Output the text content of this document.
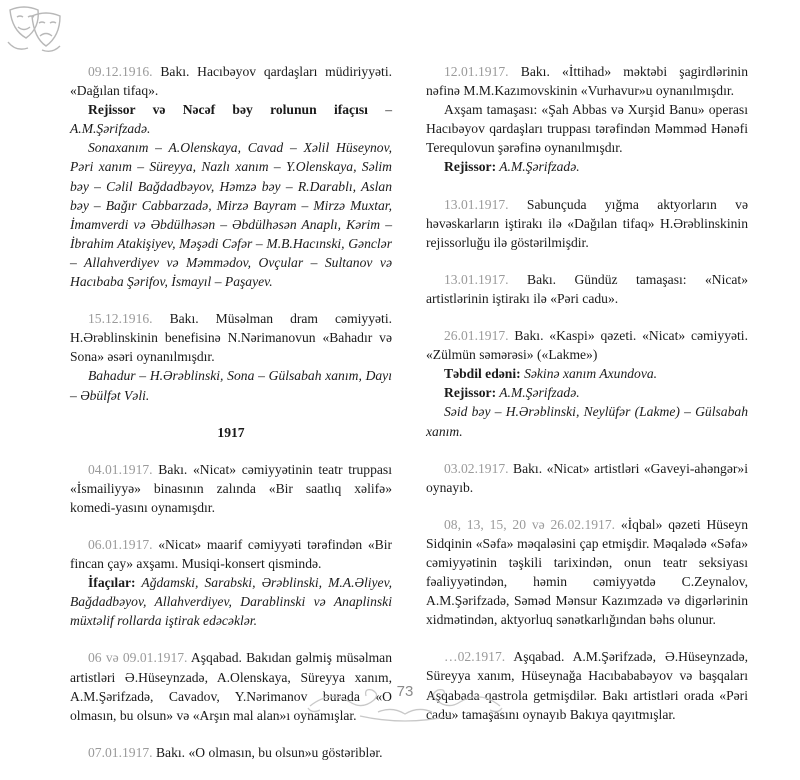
09.12.1916. Bakı. Hacıbəyov qardaşları müdiriyyəti. «Dağılan tifaq».

Rejissor və Nəcəf bəy rolunun ifaçısı – A.M.Şərifzadə.

Sonaxanım – A.Olenskaya, Cavad – Xəlil Hüseynov, Pəri xanım – Süreyya, Nazlı xanım – Y.Olenskaya, Səlim bəy – Cəlil Bağdadbəyov, Həmzə bəy – R.Darablı, Aslan bəy – Bağır Cabbarzadə, Mirzə Bayram – Mirzə Muxtar, İmamverdi və Əbdülhəsən – Əbdülhəsən Anaplı, Kərim – İbrahim Atakişiyev, Məşədi Cəfər – M.B.Hacınski, Gənclər – Allahverdiyev və Məmmədov, Ovçular – Sultanov və Hacıbaba Şərifov, İsmayıl – Paşayev.

15.12.1916. Bakı. Müsəlman dram cəmiyyəti. H.Ərəblinskinin benefisinə N.Nərimanovun «Bahadır və Sona» əsəri oynanılmışdır.

Bahadur – H.Ərəblinski, Sona – Gülsabah xanım, Dayı – Əbülfət Vəli.

1917

04.01.1917. Bakı. «Nicat» cəmiyyətinin teatr truppası «İsmailiyyə» binasının zalında «Bir saatlıq xəlifə» komedi-yasını oynamışdır.

06.01.1917. «Nicat» maarif cəmiyyəti tərəfindən «Bir fincan çay» axşamı. Musiqi-konsert qismində.

İfaçılar: Ağdamski, Sarabski, Ərəblinski, M.A.Əliyev, Bağdadbəyov, Allahverdiyev, Darablinski və Anaplinski müxtəlif rollarda iştirak edəcəklər.

06 və 09.01.1917. Aşqabad. Bakıdan gəlmiş müsəlman artistləri Ə.Hüseynzadə, A.Olenskaya, Süreyya xanım, A.M.Şərifzadə, Cavadov, Y.Nərimanov burada «O olmasın, bu olsun» və «Arşın mal alan»ı oynamışlar.

07.01.1917. Bakı. «O olmasın, bu olsun»u göstəriblər.

12.01.1917. Bakı. «İttihad» məktəbi şagirdlərinin nəfinə M.M.Kazımovskinin «Vurhavur»u oynanılmışdır.

Axşam tamaşası: «Şah Abbas və Xurşid Banu» operası Hacıbəyov qardaşları truppası tərəfindən Məmməd Hənəfi Terequlovun şərəfinə oynanılmışdır.

Rejissor: A.M.Şərifzadə.

13.01.1917. Sabunçuda yığma aktyorların və həvəskarların iştirakı ilə «Dağılan tifaq» H.Ərəblinskinin rejissorluğu ilə göstərilmişdir.

13.01.1917. Bakı. Gündüz tamaşası: «Nicat» artistlərinin iştirakı ilə «Pəri cadu».

26.01.1917. Bakı. «Kaspi» qəzeti. «Nicat» cəmiyyəti. «Zülmün səmərəsi» («Lakme»)

Təbdil edəni: Səkinə xanım Axundova.

Rejissor: A.M.Şərifzadə.

Səid bəy – H.Ərəblinski, Neylüfər (Lakme) – Gülsabah xanım.

03.02.1917. Bakı. «Nicat» artistləri «Gaveyi-ahəngər»i oynayıb.

08, 13, 15, 20 və 26.02.1917. «İqbal» qəzeti Hüseyn Sidqinin «Səfa» məqaləsini çap etmişdir. Məqalədə «Səfa» cəmiyyətinin təşkili tarixindən, onun teatr seksiyası fəaliyyətindən, həmin cəmiyyətdə C.Zeynalov, A.M.Şərifzadə, Səməd Mənsur Kazımzadə və digərlərinin xidmətindən, aktyorluq sənətkarlığından bəhs olunur.

…02.1917. Aşqabad. A.M.Şərifzadə, Ə.Hüseynzadə, Süreyya xanım, Hüseynağa Hacıbababəyov və başqaları Aşqabada qastrola getmişdilər. Bakı artistləri orada «Pəri cadu» tamaşasını oynayıb Bakıya qayıtmışlar.

73
